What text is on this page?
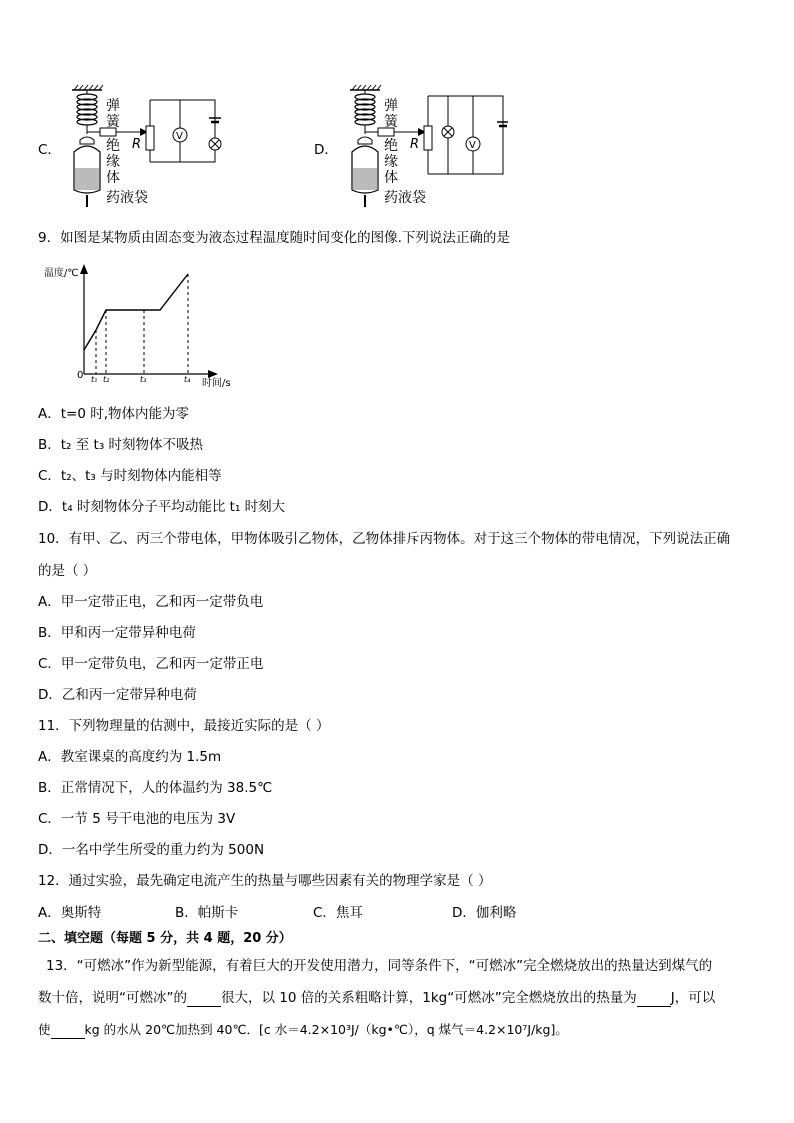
C．
弹
簧
绝
缘
体
药液袋
R
V
D．
弹
簧
绝
缘
体
药液袋
R	V
9．如图是某物质由固态变为液态过程温度随时间变化的图像.下列说法正确的是
温度/℃
时间/s
0 t₁ t₂	t₃	t₄
A．t=0 时,物体内能为零
B．t₂ 至 t₃ 时刻物体不吸热
C．t₂、t₃ 与时刻物体内能相等
D．t₄ 时刻物体分子平均动能比 t₁ 时刻大
10．有甲、乙、丙三个带电体，甲物体吸引乙物体，乙物体排斥丙物体。对于这三个物体的带电情况，下列说法正确
的是（ ）
A．甲一定带正电，乙和丙一定带负电
B．甲和丙一定带异种电荷
C．甲一定带负电，乙和丙一定带正电
D．乙和丙一定带异种电荷
11．下列物理量的估测中，最接近实际的是（ ）
A．教室课桌的高度约为 1.5m
B．正常情况下，人的体温约为 38.5℃
C．一节 5 号干电池的电压为 3V
D．一名中学生所受的重力约为 500N
12．通过实验，最先确定电流产生的热量与哪些因素有关的物理学家是（ ）
A．奥斯特	B．帕斯卡	C．焦耳	D．伽利略
二、填空题（每题 5 分，共 4 题，20 分）
13．“可燃冰”作为新型能源，有着巨大的开发使用潜力，同等条件下，“可燃冰”完全燃烧放出的热量达到煤气的
数十倍，说明“可燃冰”的	很大，以 10 倍的关系粗略计算，1kg“可燃冰”完全燃烧放出的热量为	J，可以
使	kg 的水从 20℃加热到 40℃．[c 水＝4.2×10³J/（kg•℃），q 煤气＝4.2×10⁷J/kg]。
